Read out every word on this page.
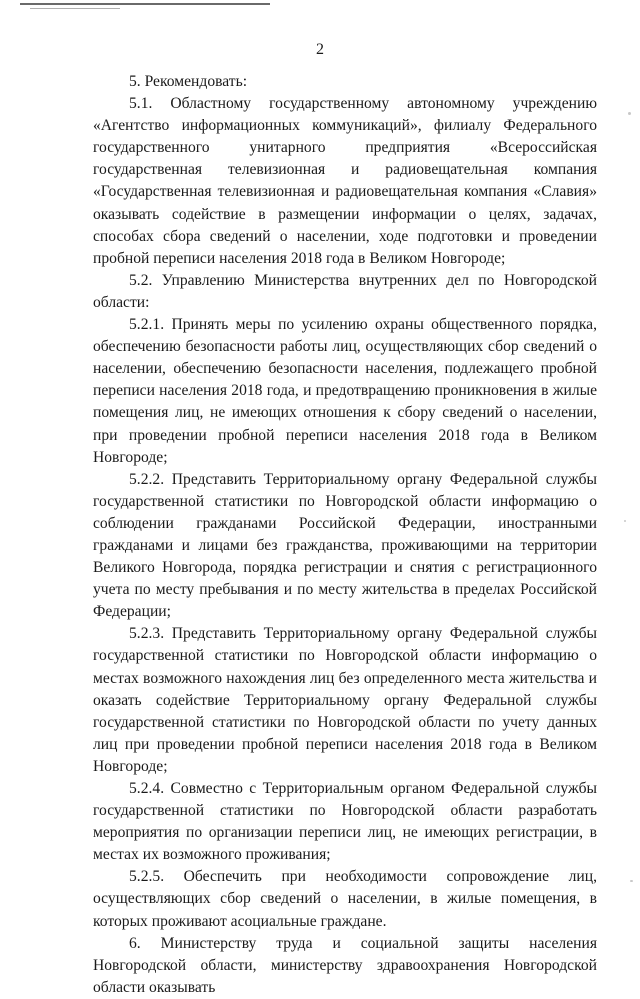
2

5. Рекомендовать:

5.1. Областному государственному автономному учреждению «Агентство информационных коммуникаций», филиалу Федерального государственного унитарного предприятия «Всероссийская государственная телевизионная и радиовещательная компания «Государственная телевизионная и радиовещательная компания «Славия» оказывать содействие в размещении информации о целях, задачах, способах сбора сведений о населении, ходе подготовки и проведении пробной переписи населения 2018 года в Великом Новгороде;

5.2. Управлению Министерства внутренних дел по Новгородской области:

5.2.1. Принять меры по усилению охраны общественного порядка, обеспечению безопасности работы лиц, осуществляющих сбор сведений о населении, обеспечению безопасности населения, подлежащего пробной переписи населения 2018 года, и предотвращению проникновения в жилые помещения лиц, не имеющих отношения к сбору сведений о населении, при проведении пробной переписи населения 2018 года в Великом Новгороде;

5.2.2. Представить Территориальному органу Федеральной службы государственной статистики по Новгородской области информацию о соблюдении гражданами Российской Федерации, иностранными гражданами и лицами без гражданства, проживающими на территории Великого Новгорода, порядка регистрации и снятия с регистрационного учета по месту пребывания и по месту жительства в пределах Российской Федерации;

5.2.3. Представить Территориальному органу Федеральной службы государственной статистики по Новгородской области информацию о местах возможного нахождения лиц без определенного места жительства и оказать содействие Территориальному органу Федеральной службы государственной статистики по Новгородской области по учету данных лиц при проведении пробной переписи населения 2018 года в Великом Новгороде;

5.2.4. Совместно с Территориальным органом Федеральной службы государственной статистики по Новгородской области разработать мероприятия по организации переписи лиц, не имеющих регистрации, в местах их возможного проживания;

5.2.5. Обеспечить при необходимости сопровождение лиц, осуществляющих сбор сведений о населении, в жилые помещения, в которых проживают асоциальные граждане.

6. Министерству труда и социальной защиты населения Новгородской области, министерству здравоохранения Новгородской области оказывать
